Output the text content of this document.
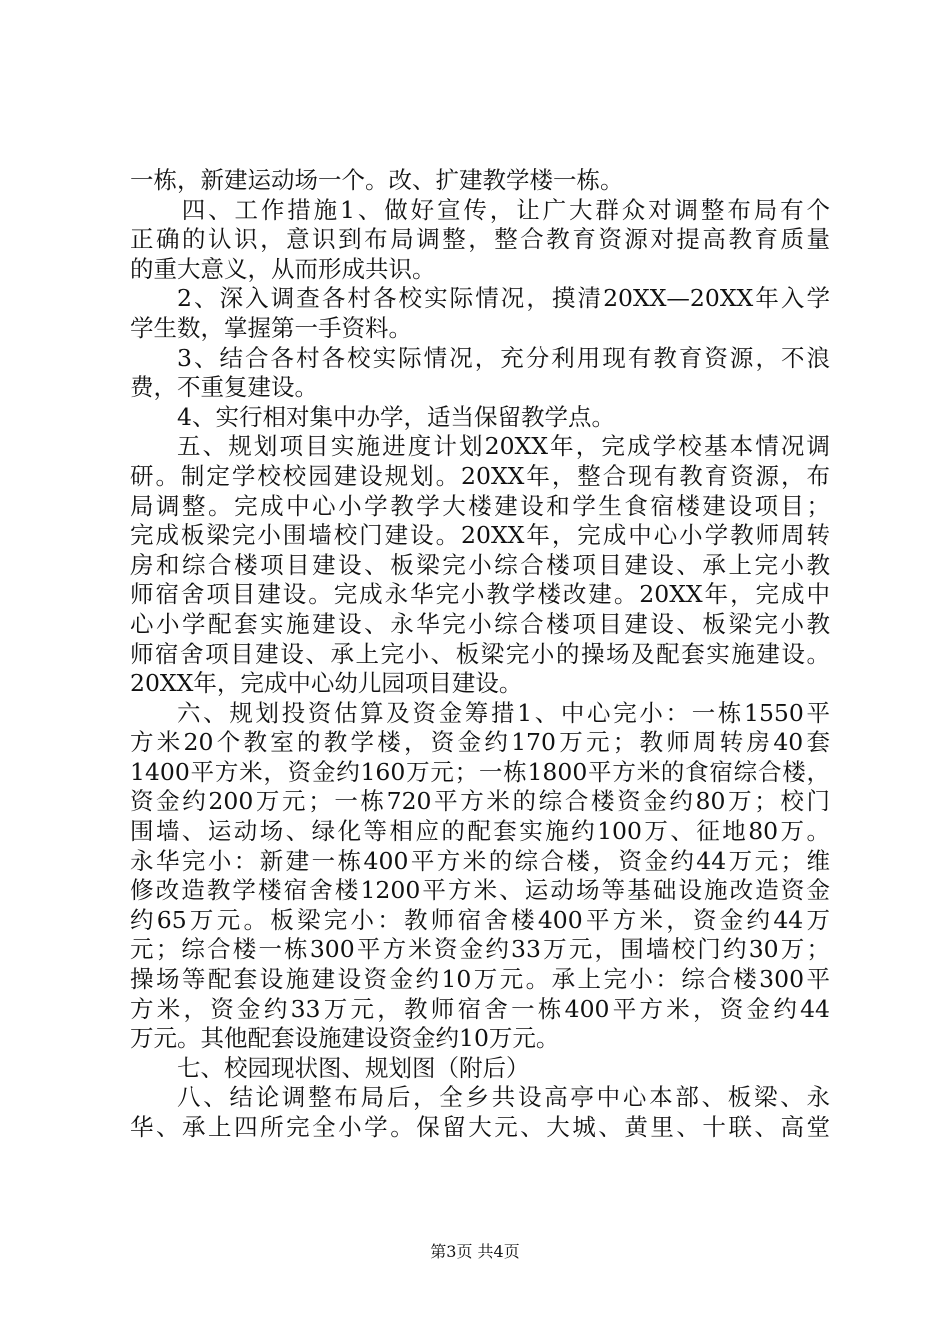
一栋，新建运动场一个。改、扩建教学楼一栋。
四、工作措施1、做好宣传，让广大群众对调整布局有个
正确的认识，意识到布局调整，整合教育资源对提高教育质量
的重大意义，从而形成共识。
2、深入调查各村各校实际情况，摸清20XX—20XX年入学
学生数，掌握第一手资料。
3、结合各村各校实际情况，充分利用现有教育资源，不浪
费，不重复建设。
4、实行相对集中办学，适当保留教学点。
五、规划项目实施进度计划20XX年，完成学校基本情况调
研。制定学校校园建设规划。20XX年，整合现有教育资源，布
局调整。完成中心小学教学大楼建设和学生食宿楼建设项目；
完成板梁完小围墙校门建设。20XX年，完成中心小学教师周转
房和综合楼项目建设、板梁完小综合楼项目建设、承上完小教
师宿舍项目建设。完成永华完小教学楼改建。20XX年，完成中
心小学配套实施建设、永华完小综合楼项目建设、板梁完小教
师宿舍项目建设、承上完小、板梁完小的操场及配套实施建设。
20XX年，完成中心幼儿园项目建设。
六、规划投资估算及资金筹措1、中心完小：一栋1550平
方米20个教室的教学楼，资金约170万元；教师周转房40套
1400平方米，资金约160万元；一栋1800平方米的食宿综合楼，
资金约200万元；一栋720平方米的综合楼资金约80万；校门
围墙、运动场、绿化等相应的配套实施约100万、征地80万。
永华完小：新建一栋400平方米的综合楼，资金约44万元；维
修改造教学楼宿舍楼1200平方米、运动场等基础设施改造资金
约65万元。板梁完小：教师宿舍楼400平方米，资金约44万
元；综合楼一栋300平方米资金约33万元，围墙校门约30万；
操场等配套设施建设资金约10万元。承上完小：综合楼300平
方米，资金约33万元，教师宿舍一栋400平方米，资金约44
万元。其他配套设施建设资金约10万元。
七、校园现状图、规划图（附后）
八、结论调整布局后，全乡共设高亭中心本部、板梁、永
华、承上四所完全小学。保留大元、大城、黄里、十联、高堂
第3页 共4页
